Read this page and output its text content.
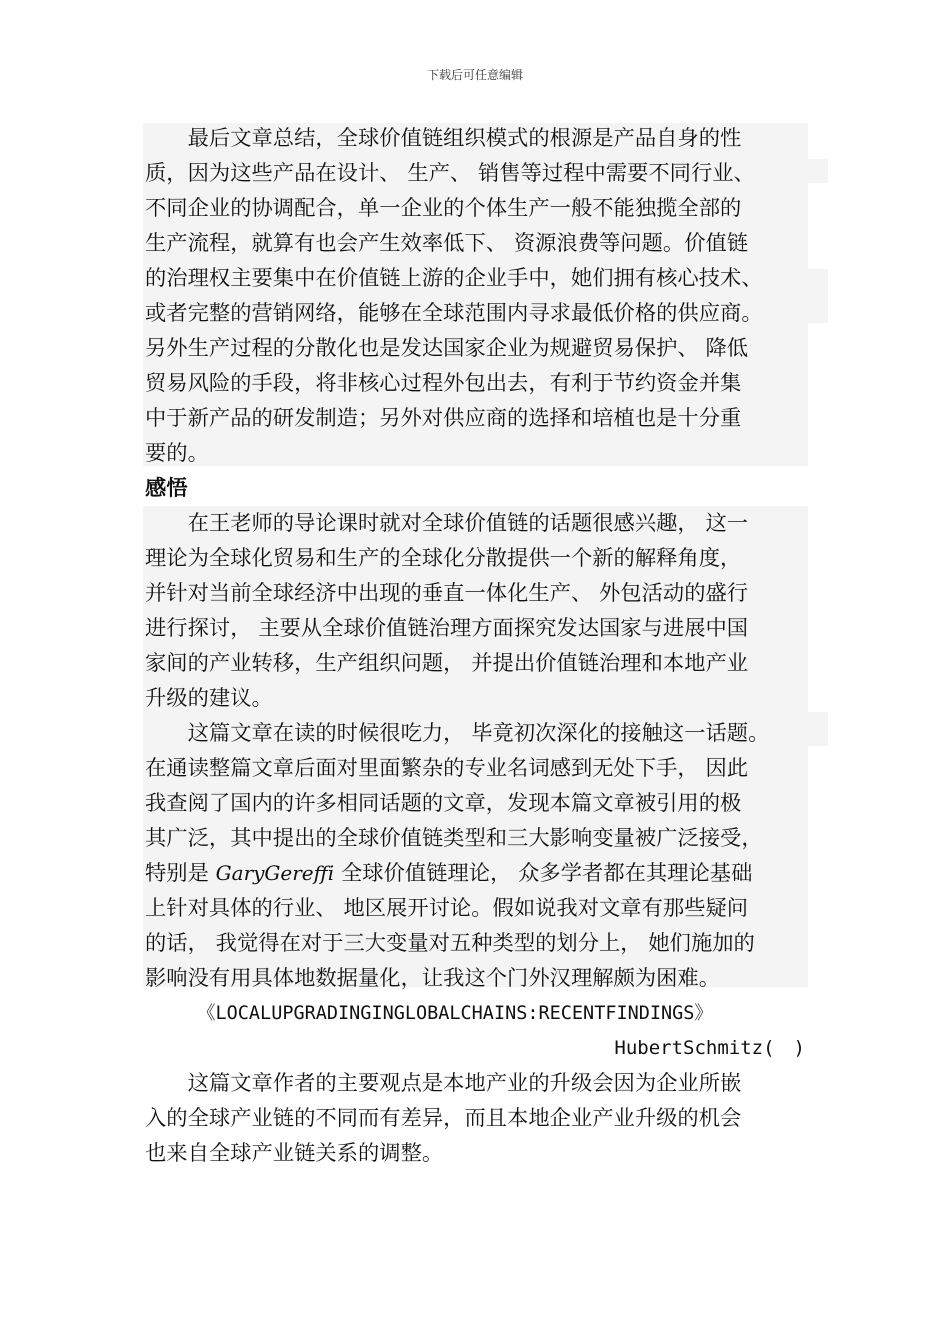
下载后可任意编辑
　　最后文章总结，全球价值链组织模式的根源是产品自身的性
质，因为这些产品在设计、 生产、 销售等过程中需要不同行业、
不同企业的协调配合，单一企业的个体生产一般不能独揽全部的
生产流程，就算有也会产生效率低下、 资源浪费等问题。价值链
的治理权主要集中在价值链上游的企业手中，她们拥有核心技术、
或者完整的营销网络，能够在全球范围内寻求最低价格的供应商。
另外生产过程的分散化也是发达国家企业为规避贸易保护、 降低
贸易风险的手段，将非核心过程外包出去，有利于节约资金并集
中于新产品的研发制造；另外对供应商的选择和培植也是十分重
要的。
感悟
　　在王老师的导论课时就对全球价值链的话题很感兴趣， 这一
理论为全球化贸易和生产的全球化分散提供一个新的解释角度，
并针对当前全球经济中出现的垂直一体化生产、 外包活动的盛行
进行探讨， 主要从全球价值链治理方面探究发达国家与进展中国
家间的产业转移，生产组织问题， 并提出价值链治理和本地产业
升级的建议。
　　这篇文章在读的时候很吃力， 毕竟初次深化的接触这一话题。
在通读整篇文章后面对里面繁杂的专业名词感到无处下手， 因此
我查阅了国内的许多相同话题的文章，发现本篇文章被引用的极
其广泛，其中提出的全球价值链类型和三大影响变量被广泛接受，
特别是 GaryGereffi 全球价值链理论， 众多学者都在其理论基础
上针对具体的行业、 地区展开讨论。假如说我对文章有那些疑问
的话， 我觉得在对于三大变量对五种类型的划分上， 她们施加的
影响没有用具体地数据量化，让我这个门外汉理解颇为困难。
《LOCALUPGRADINGINGLOBALCHAINS:RECENTFINDINGS》
HubertSchmitz(　)
　　这篇文章作者的主要观点是本地产业的升级会因为企业所嵌
入的全球产业链的不同而有差异，而且本地企业产业升级的机会
也来自全球产业链关系的调整。
